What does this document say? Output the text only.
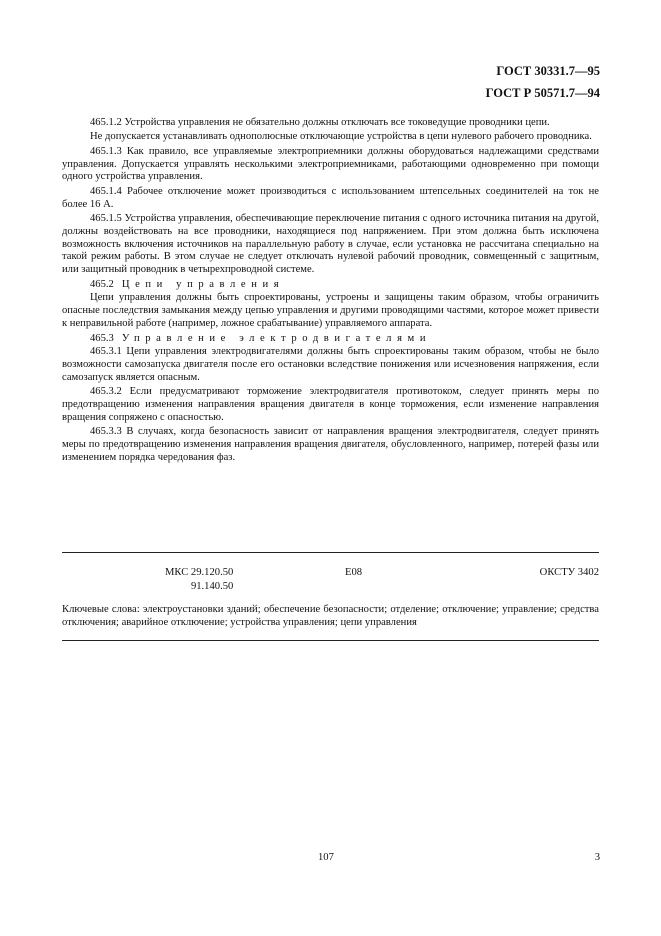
ГОСТ 30331.7—95
ГОСТ Р 50571.7—94

465.1.2 Устройства управления не обязательно должны отключать все токоведущие проводники цепи.

Не допускается устанавливать однополюсные отключающие устройства в цепи нулевого рабочего проводника.

465.1.3 Как правило, все управляемые электроприемники должны оборудоваться надлежащими средствами управления. Допускается управлять несколькими электроприемниками, работающими одновременно при помощи одного устройства управления.

465.1.4 Рабочее отключение может производиться с использованием штепсельных соединителей на ток не более 16 А.

465.1.5 Устройства управления, обеспечивающие переключение питания с одного источника питания на другой, должны воздействовать на все проводники, находящиеся под напряжением. При этом должна быть исключена возможность включения источников на параллельную работу в случае, если установка не рассчитана специально на такой режим работы. В этом случае не следует отключать нулевой рабочий проводник, совмещенный с защитным, или защитный проводник в четырехпроводной системе.

465.2 Цепи управления

Цепи управления должны быть спроектированы, устроены и защищены таким образом, чтобы ограничить опасные последствия замыкания между цепью управления и другими проводящими частями, которое может привести к неправильной работе (например, ложное срабатывание) управляемого аппарата.

465.3 Управление электродвигателями

465.3.1 Цепи управления электродвигателями должны быть спроектированы таким образом, чтобы не было возможности самозапуска двигателя после его остановки вследствие понижения или исчезновения напряжения, если самозапуск является опасным.

465.3.2 Если предусматривают торможение электродвигателя противотоком, следует принять меры по предотвращению изменения направления вращения двигателя в конце торможения, если изменение направления вращения сопряжено с опасностью.

465.3.3 В случаях, когда безопасность зависит от направления вращения электродвигателя, следует принять меры по предотвращению изменения направления вращения двигателя, обусловленного, например, потерей фазы или изменением порядка чередования фаз.

МКС 29.120.50
91.140.50
Е08	ОКСТУ 3402
Ключевые слова: электроустановки зданий; обеспечение безопасности; отделение; отключение; управление; средства отключения; аварийное отключение; устройства управления; цепи управления
107	3
